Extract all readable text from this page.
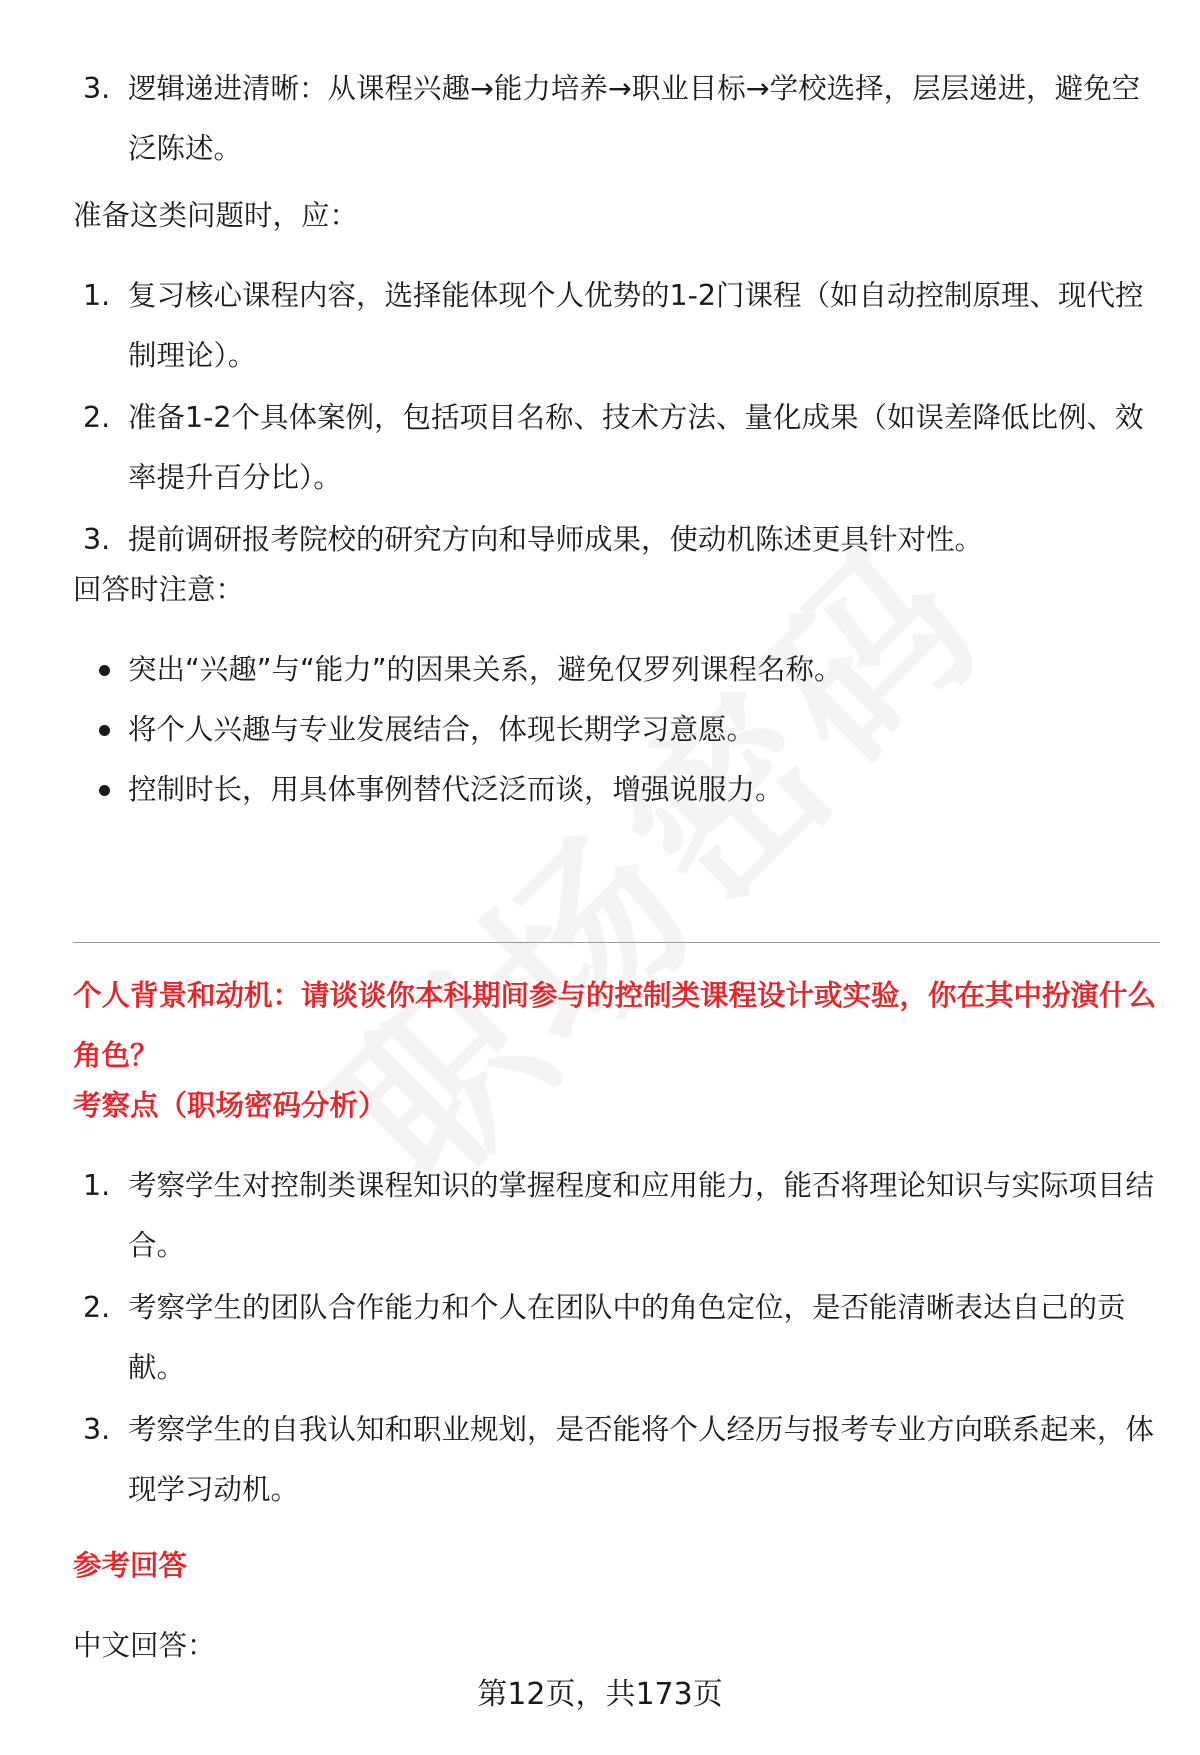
3. 逻辑递进清晰：从课程兴趣→能力培养→职业目标→学校选择，层层递进，避免空泛陈述。

准备这类问题时，应：

1. 复习核心课程内容，选择能体现个人优势的1-2门课程（如自动控制原理、现代控制理论）。
2. 准备1-2个具体案例，包括项目名称、技术方法、量化成果（如误差降低比例、效率提升百分比）。
3. 提前调研报考院校的研究方向和导师成果，使动机陈述更具针对性。

回答时注意：

突出“兴趣”与“能力”的因果关系，避免仅罗列课程名称。
将个人兴趣与专业发展结合，体现长期学习意愿。
控制时长，用具体事例替代泛泛而谈，增强说服力。

个人背景和动机：请谈谈你本科期间参与的控制类课程设计或实验，你在其中扮演什么角色？

考察点（职场密码分析）

1. 考察学生对控制类课程知识的掌握程度和应用能力，能否将理论知识与实际项目结合。
2. 考察学生的团队合作能力和个人在团队中的角色定位，是否能清晰表达自己的贡献。
3. 考察学生的自我认知和职业规划，是否能将个人经历与报考专业方向联系起来，体现学习动机。

参考回答

中文回答：

第12页，共173页
